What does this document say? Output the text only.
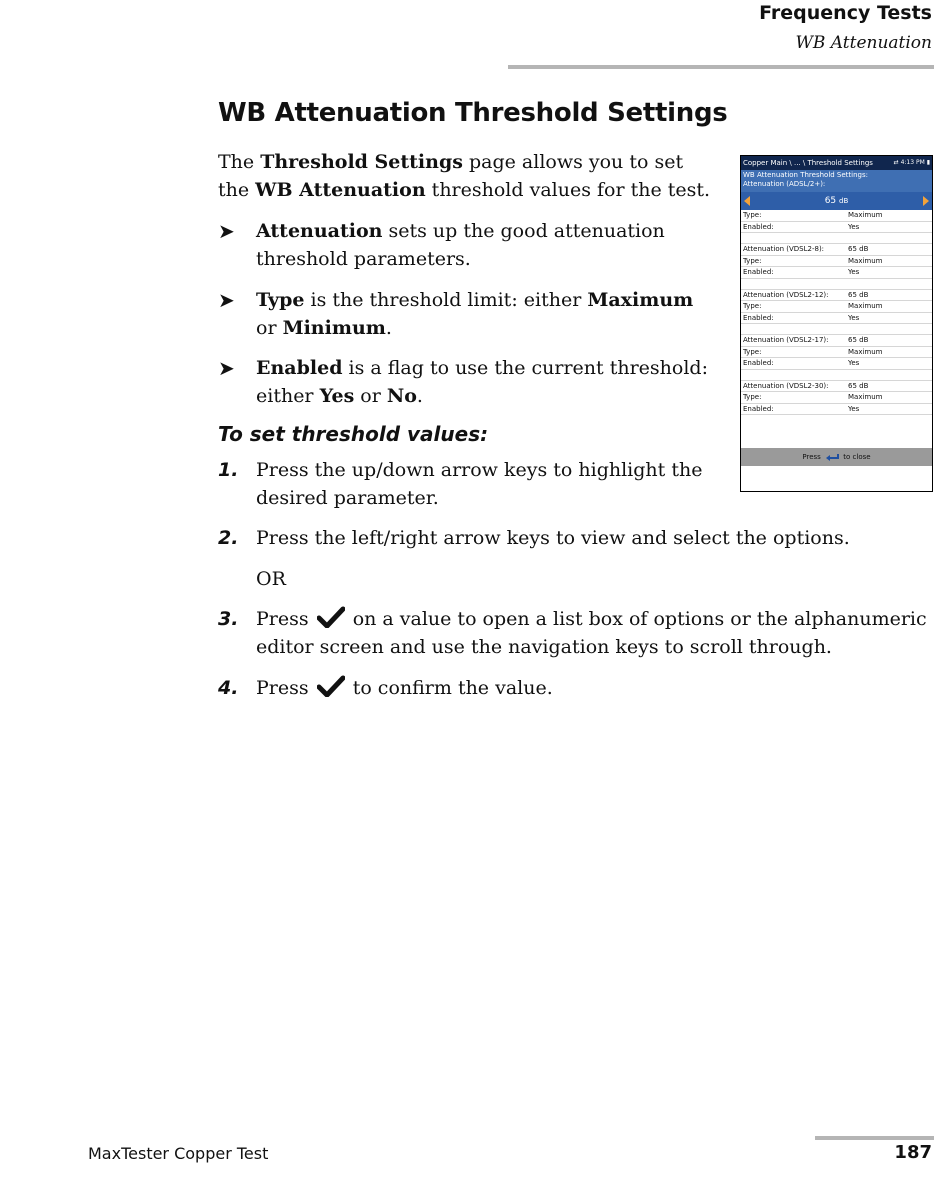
Frequency Tests
WB Attenuation
WB Attenuation Threshold Settings
The Threshold Settings page allows you to set the WB Attenuation threshold values for the test.
➤	Attenuation sets up the good attenuation threshold parameters.
➤	Type is the threshold limit: either Maximum or Minimum.
➤	Enabled is a flag to use the current threshold: either Yes or No.
To set threshold values:
1. Press the up/down arrow keys to highlight the desired parameter.
2. Press the left/right arrow keys to view and select the options.
OR
3. Press  on a value to open a list box of options or the alphanumeric editor screen and use the navigation keys to scroll through.
4. Press  to confirm the value.
Copper Main \ ... \ Threshold Settings	⇄ 4:13 PM ▮
WB Attenuation Threshold Settings:
Attenuation (ADSL/2+):
65 dB
Type:	Maximum
Enabled:	Yes
Attenuation (VDSL2-8):	65 dB
Type:	Maximum
Enabled:	Yes
Attenuation (VDSL2-12):	65 dB
Type:	Maximum
Enabled:	Yes
Attenuation (VDSL2-17):	65 dB
Type:	Maximum
Enabled:	Yes
Attenuation (VDSL2-30):	65 dB
Type:	Maximum
Enabled:	Yes
Press	to close
MaxTester Copper Test	187
